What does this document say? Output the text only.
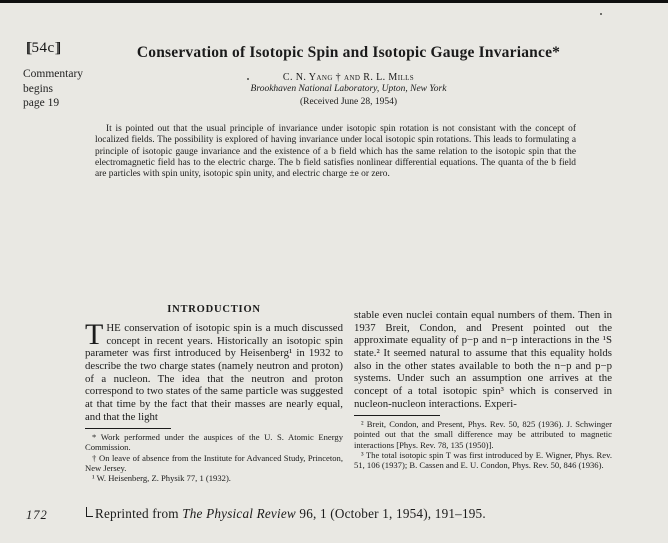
[54c]
Commentary
begins
page 19
Conservation of Isotopic Spin and Isotopic Gauge Invariance*
C. N. Yang † and R. L. Mills
Brookhaven National Laboratory, Upton, New York
(Received June 28, 1954)
It is pointed out that the usual principle of invariance under isotopic spin rotation is not consistant with the concept of localized fields. The possibility is explored of having invariance under local isotopic spin rotations. This leads to formulating a principle of isotopic gauge invariance and the existence of a b field which has the same relation to the isotopic spin that the electromagnetic field has to the electric charge. The b field satisfies nonlinear differential equations. The quanta of the b field are particles with spin unity, isotopic spin unity, and electric charge ±e or zero.
INTRODUCTION

THE conservation of isotopic spin is a much discussed concept in recent years. Historically an isotopic spin parameter was first introduced by Heisenberg¹ in 1932 to describe the two charge states (namely neutron and proton) of a nucleon. The idea that the neutron and proton correspond to two states of the same particle was suggested at that time by the fact that their masses are nearly equal, and that the light

* Work performed under the auspices of the U. S. Atomic Energy Commission.

† On leave of absence from the Institute for Advanced Study, Princeton, New Jersey.

¹ W. Heisenberg, Z. Physik 77, 1 (1932).

stable even nuclei contain equal numbers of them. Then in 1937 Breit, Condon, and Present pointed out the approximate equality of p−p and n−p interactions in the ¹S state.² It seemed natural to assume that this equality holds also in the other states available to both the n−p and p−p systems. Under such an assumption one arrives at the concept of a total isotopic spin³ which is conserved in nucleon-nucleon interactions. Experi-

² Breit, Condon, and Present, Phys. Rev. 50, 825 (1936). J. Schwinger pointed out that the small difference may be attributed to magnetic interactions [Phys. Rev. 78, 135 (1950)].

³ The total isotopic spin T was first introduced by E. Wigner, Phys. Rev. 51, 106 (1937); B. Cassen and E. U. Condon, Phys. Rev. 50, 846 (1936).

172	Reprinted from The Physical Review 96, 1 (October 1, 1954), 191–195.
